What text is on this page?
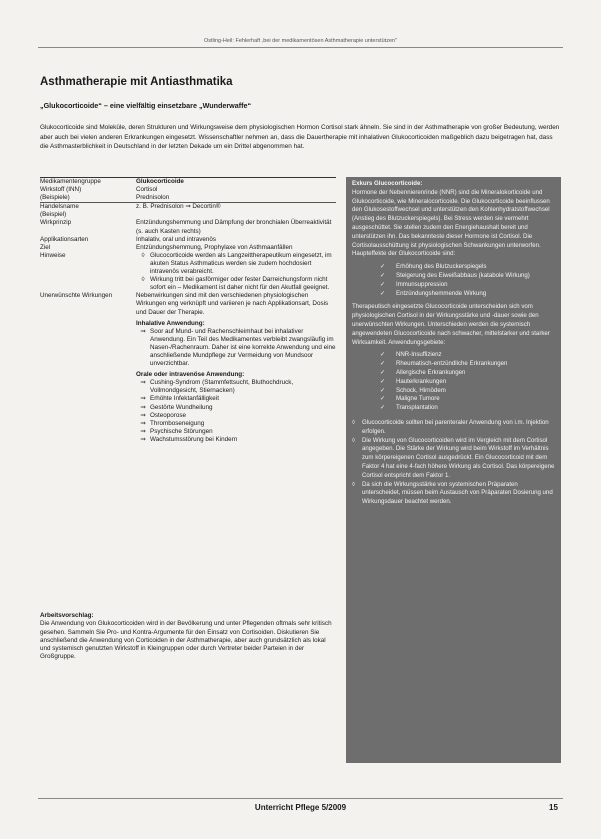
Ostling-Heil: Fehlerhaft ,bei der medikamentösen Asthmatherapie unterstützen"
Asthmatherapie mit Antiasthmatika
„Glukocorticoide“ – eine vielfältig einsetzbare „Wunderwaffe“
Glukocorticoide sind Moleküle, deren Strukturen und Wirkungsweise dem physiologischen Hormon Cortisol stark ähneln. Sie sind in der Asthmatherapie von großer Bedeutung, werden aber auch bei vielen anderen Erkrankungen eingesetzt. Wissenschaftler nehmen an, dass die Dauertherapie mit inhalativen Glukocorticoiden maßgeblich dazu beigetragen hat, dass die Asthmasterblichkeit in Deutschland in der letzten Dekade um ein Drittel abgenommen hat.
Medikamentengruppe	Glukocorticoide
Wirkstoff (INN)	Cortisol
(Beispiele)	Prednisolon
Handelsname	z. B. Prednisolon ⇒ Decortin®
(Beispiel)
Wirkprinzip	Entzündungshemmung und Dämpfung der bronchialen Überreaktivität (s. auch Kasten rechts)
Applikationsarten	Inhalativ, oral und intravenös
Ziel	Entzündungshemmung, Prophylaxe von Asthmaanfällen
Hinweise	◊ Glucocorticoide werden als Langzeittherapeutikum eingesetzt, im akuten Status Asthmaticus werden sie zudem hochdosiert intravenös verabreicht.
◊ Wirkung tritt bei gasförmiger oder fester Darreichungsform nicht sofort ein – Medikament ist daher nicht für den Akutfall geeignet.
Unerwünschte Wirkungen	Nebenwirkungen sind mit den verschiedenen physiologischen Wirkungen eng verknüpft und variieren je nach Applikationsart, Dosis und Dauer der Therapie.
Inhalative Anwendung:
⇒ Soor auf Mund- und Rachenschleimhaut bei inhalativer Anwendung. Ein Teil des Medikamentes verbleibt zwangsläufig im Nasen-/Rachenraum. Daher ist eine korrekte Anwendung und eine anschließende Mundpflege zur Vermeidung von Mundsoor unverzichtbar.
Orale oder intravenöse Anwendung:
⇒ Cushing-Syndrom (Stammfettsucht, Bluthochdruck, Vollmondgesicht, Stiernacken)
⇒ Erhöhte Infektanfälligkeit
⇒ Gestörte Wundheilung
⇒ Osteoporose
⇒ Thromboseneigung
⇒ Psychische Störungen
⇒ Wachstumsstörung bei Kindern
Arbeitsvorschlag:
Die Anwendung von Glukocorticoiden wird in der Bevölkerung und unter Pflegenden oftmals sehr kritisch gesehen. Sammeln Sie Pro- und Kontra-Argumente für den Einsatz von Cortisoiden. Diskutieren Sie anschließend die Anwendung von Corticoiden in der Asthmatherapie, aber auch grundsätzlich als lokal und systemisch genutzten Wirkstoff in Kleingruppen oder durch Vertreter beider Parteien in der Großgruppe.
Exkurs Glucocorticoide:

Hormone der Nebennierenrinde (NNR) sind die Mineralokorticoide und Glukocorticoide, wie Mineralocorticoide. Die Glukocorticoide beeinflussen den Glukosestoffwechsel und unterstützen den Kohlenhydratstoffwechsel (Anstieg des Blutzuckerspiegels). Bei Stress werden sie vermehrt ausgeschüttet. Sie stellen zudem den Energiehaushalt bereit und unterstützen ihn. Das bekannteste dieser Hormone ist Cortisol. Die Cortisolausschüttung ist physiologischen Schwankungen unterworfen. Haupteffekte der Glukocorticoide sind:

✓	Erhöhung des Blutzuckerspiegels
✓	Steigerung des Eiweißabbaus (katabole Wirkung)
✓	Immunsuppression
✓	Entzündungshemmende Wirkung

Therapeutisch eingesetzte Glucocorticoide unterscheiden sich vom physiologischen Cortisol in der Wirkungsstärke und -dauer sowie den unerwünschten Wirkungen. Unterschieden werden die systemisch angewendeten Glucocorticoide nach schwacher, mittelstarker und starker Wirksamkeit. Anwendungsgebiete:

✓	NNR-Insuffizienz
✓	Rheumatisch-entzündliche Erkrankungen
✓	Allergische Erkrankungen
✓	Hauterkrankungen
✓	Schock, Hirnödem
✓	Maligne Tumore
✓	Transplantation
◊	Glucocorticoide sollten bei parenteraler Anwendung von i.m. Injektion erfolgen.
◊	Die Wirkung von Glucocorticoiden wird im Vergleich mit dem Cortisol angegeben. Die Stärke der Wirkung wird beim Wirkstoff im Verhältnis zum körpereigenen Cortisol ausgedrückt. Ein Glucocorticoid mit dem Faktor 4 hat eine 4-fach höhere Wirkung als Cortisol. Das körpereigene Cortisol entspricht dem Faktor 1.
◊	Da sich die Wirkungsstärke von systemischen Präparaten unterscheidet, müssen beim Austausch von Präparaten Dosierung und Wirkungsdauer beachtet werden.
Unterricht Pflege 5/2009	15
